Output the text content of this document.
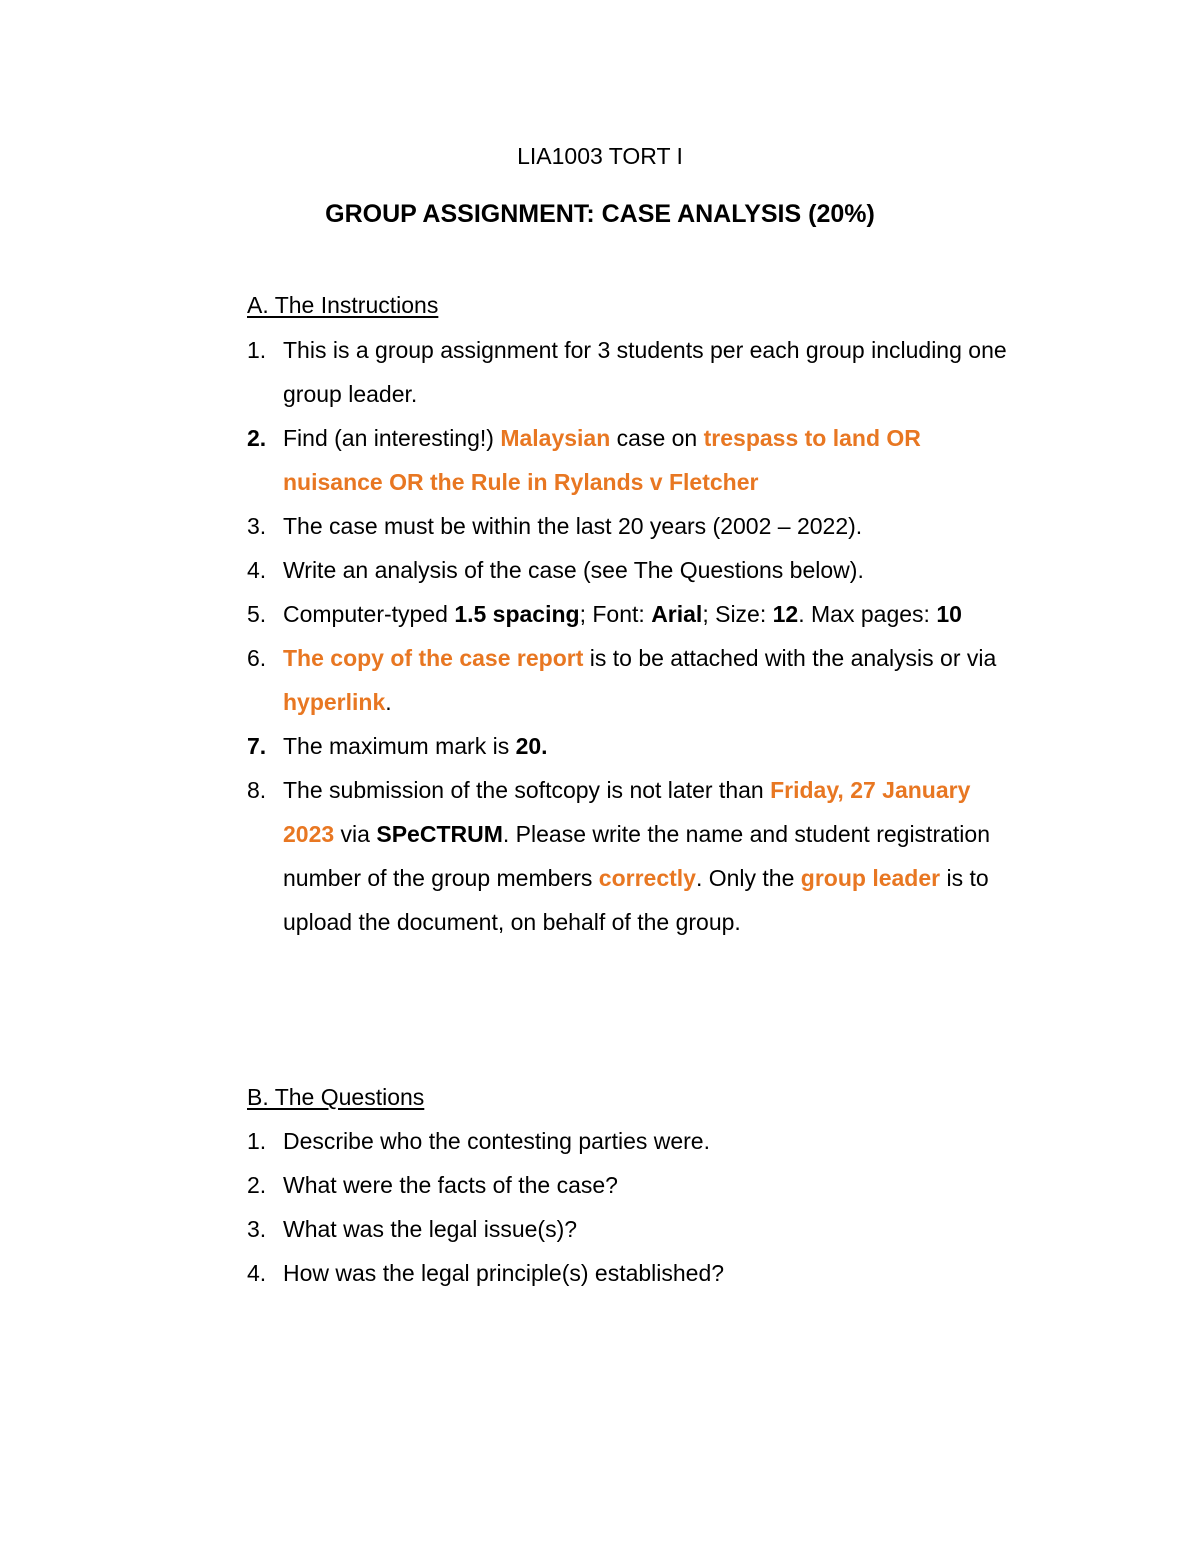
LIA1003 TORT I
GROUP ASSIGNMENT: CASE ANALYSIS (20%)
A. The Instructions
1. This is a group assignment for 3 students per each group including one group leader.
2. Find (an interesting!) Malaysian case on trespass to land OR nuisance OR the Rule in Rylands v Fletcher
3. The case must be within the last 20 years (2002 – 2022).
4. Write an analysis of the case (see The Questions below).
5. Computer-typed 1.5 spacing; Font: Arial; Size: 12. Max pages: 10
6. The copy of the case report is to be attached with the analysis or via hyperlink.
7. The maximum mark is 20.
8. The submission of the softcopy is not later than Friday, 27 January 2023 via SPeCTRUM. Please write the name and student registration number of the group members correctly. Only the group leader is to upload the document, on behalf of the group.
B. The Questions
1. Describe who the contesting parties were.
2. What were the facts of the case?
3. What was the legal issue(s)?
4. How was the legal principle(s) established?
